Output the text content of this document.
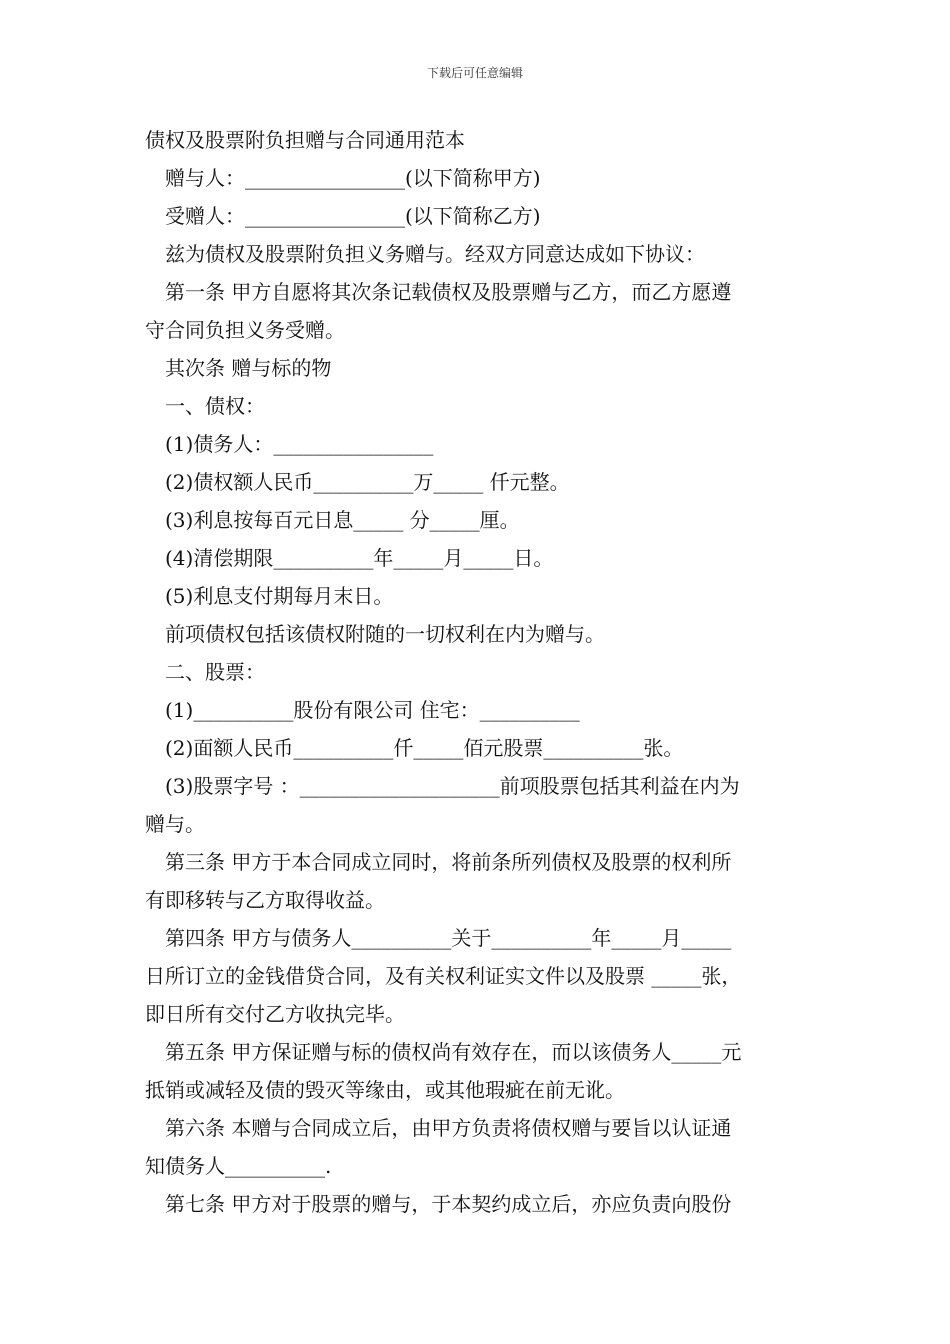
下载后可任意编辑
债权及股票附负担赠与合同通用范本
赠与人：________________(以下简称甲方)
受赠人：________________(以下简称乙方)
兹为债权及股票附负担义务赠与。经双方同意达成如下协议：
第一条 甲方自愿将其次条记载债权及股票赠与乙方，而乙方愿遵
守合同负担义务受赠。
其次条 赠与标的物
一、债权：
(1)债务人：________________
(2)债权额人民币__________万_____ 仟元整。
(3)利息按每百元日息_____ 分_____厘。
(4)清偿期限__________年_____月_____日。
(5)利息支付期每月末日。
前项债权包括该债权附随的一切权利在内为赠与。
二、股票：
(1)__________股份有限公司 住宅：__________
(2)面额人民币__________仟_____佰元股票__________张。
(3)股票字号 ：____________________前项股票包括其利益在内为
赠与。
第三条 甲方于本合同成立同时，将前条所列债权及股票的权利所
有即移转与乙方取得收益。
第四条 甲方与债务人__________关于__________年_____月_____
日所订立的金钱借贷合同，及有关权利证实文件以及股票 _____张，
即日所有交付乙方收执完毕。
第五条 甲方保证赠与标的债权尚有效存在，而以该债务人_____元
抵销或减轻及债的毁灭等缘由，或其他瑕疵在前无讹。
第六条 本赠与合同成立后，由甲方负责将债权赠与要旨以认证通
知债务人__________.
第七条 甲方对于股票的赠与，于本契约成立后，亦应负责向股份
